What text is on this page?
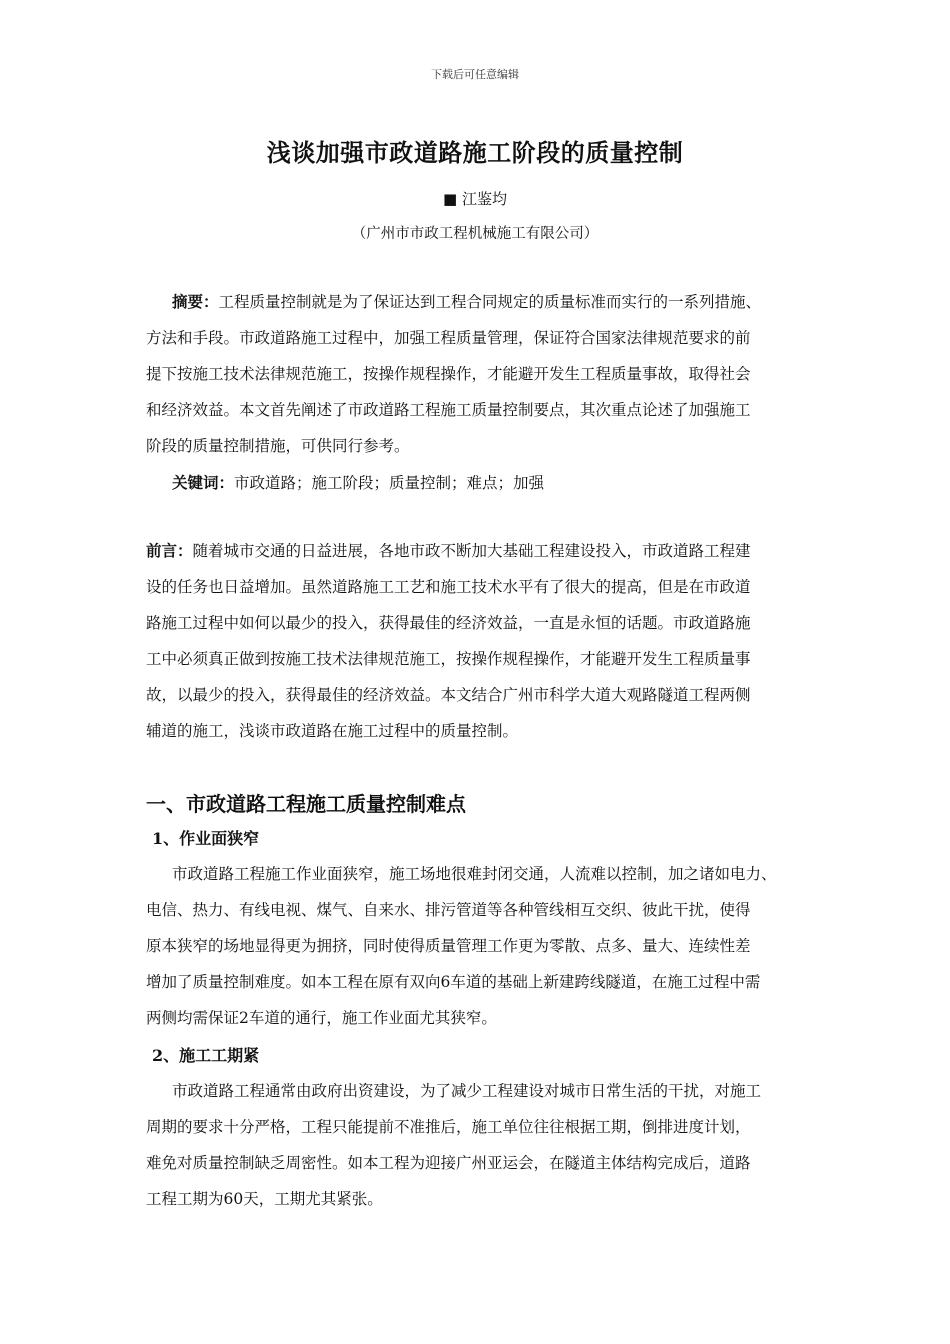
下载后可任意编辑
浅谈加强市政道路施工阶段的质量控制
■ 江鉴均
（广州市市政工程机械施工有限公司）
摘要：工程质量控制就是为了保证达到工程合同规定的质量标准而实行的一系列措施、
方法和手段。市政道路施工过程中，加强工程质量管理，保证符合国家法律规范要求的前
提下按施工技术法律规范施工，按操作规程操作，才能避开发生工程质量事故，取得社会
和经济效益。本文首先阐述了市政道路工程施工质量控制要点，其次重点论述了加强施工
阶段的质量控制措施，可供同行参考。
关键词：市政道路；施工阶段；质量控制；难点；加强
前言：随着城市交通的日益进展，各地市政不断加大基础工程建设投入，市政道路工程建
设的任务也日益增加。虽然道路施工工艺和施工技术水平有了很大的提高，但是在市政道
路施工过程中如何以最少的投入，获得最佳的经济效益，一直是永恒的话题。市政道路施
工中必须真正做到按施工技术法律规范施工，按操作规程操作，才能避开发生工程质量事
故，以最少的投入，获得最佳的经济效益。本文结合广州市科学大道大观路隧道工程两侧
辅道的施工，浅谈市政道路在施工过程中的质量控制。
一、市政道路工程施工质量控制难点
1、作业面狭窄
市政道路工程施工作业面狭窄，施工场地很难封闭交通，人流难以控制，加之诸如电力、
电信、热力、有线电视、煤气、自来水、排污管道等各种管线相互交织、彼此干扰，使得
原本狭窄的场地显得更为拥挤，同时使得质量管理工作更为零散、点多、量大、连续性差
增加了质量控制难度。如本工程在原有双向6车道的基础上新建跨线隧道，在施工过程中需
两侧均需保证2车道的通行，施工作业面尤其狭窄。
2、施工工期紧
市政道路工程通常由政府出资建设，为了减少工程建设对城市日常生活的干扰，对施工
周期的要求十分严格，工程只能提前不准推后，施工单位往往根据工期，倒排进度计划，
难免对质量控制缺乏周密性。如本工程为迎接广州亚运会，在隧道主体结构完成后，道路
工程工期为60天，工期尤其紧张。
